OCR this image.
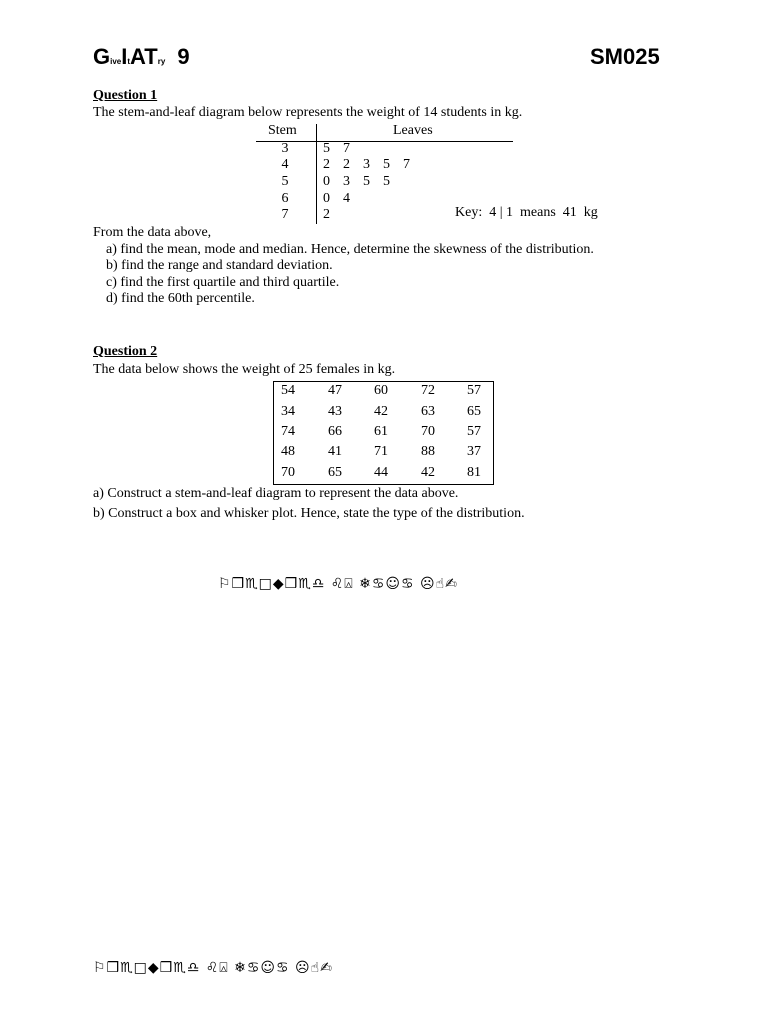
GiveItATry 9	SM025
Question 1
The stem-and-leaf diagram below represents the weight of 14 students in kg.
Stem	Leaves
3	5  7
4	2  2  3  5  7
5	0  3  5  5
6	0  4
7	2	Key:  4 | 1  means  41  kg
From the data above,
a) find the mean, mode and median. Hence, determine the skewness of the distribution.
b) find the range and standard deviation.
c) find the first quartile and third quartile.
d) find the 60th percentile.
Question 2
The data below shows the weight of 25 females in kg.
54	47	60	72	57
34	43	42	63	65
74	66	61	70	57
48	41	71	88	37
70	65	44	42	81
a) Construct a stem-and-leaf diagram to represent the data above.
b) Construct a box and whisker plot. Hence, state the type of the distribution.
⚐❒♏□◆❒♏♎ ♌⍓ ❄♋☺♋ ☹☝✍
⚐❒♏□◆❒♏♎ ♌⍓ ❄♋☺♋ ☹☝✍
